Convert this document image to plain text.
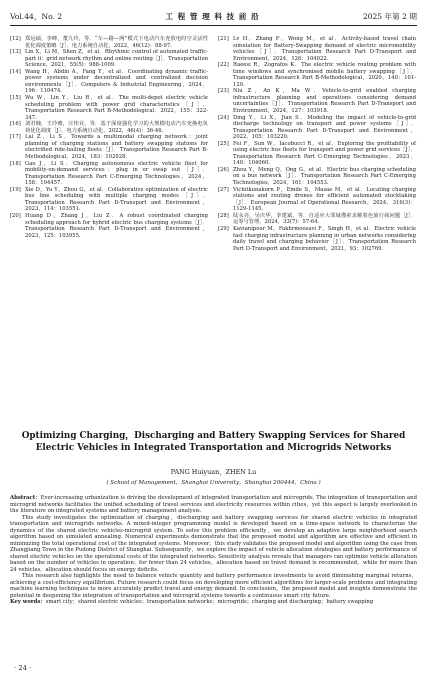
Vol.44，No. 2	工 程 管 理 科 技 前 沿	2025 年第 2 期
[12] 郑远硕，李峰，董九玲，等．“车—路—网”模式下电动汽车充放电时空灵活性优化调度策略［J］．电力系统自动化，2022，46(12)：88-97.
[13] Lin X，Li M，Shen Z，et al．Rhythmic control of automated traffic-part ii：grid network rhythm and online routing［J］．Transportation Science，2021，55(5)：988-1009.
[14] Wang H，Abdin A，Fang Y，et al．Coordinating dynamic traffic-power systems under decentralized and centralized decision environments［J］．Computers & Industrial Engineering，2024，196：110474.
[15] Wu W，Lin Y，Liu R，et al．The multi-depot electric vehicle scheduling problem with power grid characteristics［J］．Transportation Research Part B-Methodological．2022，155：322-347.
[16] 刘君楠，王玲雅，庄伟业，等．基于深度强化学习的大规模电动汽车充换电负荷优化调度［J］．电力系统自动化，2022，46(4)：36-46.
[17] Lai Z，Li S．Towards a multimodal charging network：joint planning of charging stations and battery swapping stations for electrified ride-hailing fleets［J］．Transportation Research Part B-Methodological，2024，183：102928.
[18] Gao J，Li S．Charging autonomous electric vehicle fleet for mobility-on-demand services：plug in or swap out［J］．Transportation Research Part C-Emerging Technologies，2024，158：104457.
[19] Xie D，Yu Y，Zhou G，et al．Collaborative optimization of electric bus line scheduling with multiple charging modes［J］．Transportation Research Part D-Transport and Environment，2023，114：103551.
[20] Huang D，Zhang J，Liu Z．A robust coordinated charging scheduling approach for hybrid electric bus charging systems［J］．Transportation Research Part D-Transport and Environment，2023，125：103955.
[21] Lv H，Zhang F，Wong M，et al．Activity-based travel chain simulation for Battery-Swapping demand of electric micromobility vehicles［J］．Transportation Research Part D-Transport and Environment，2024，126：104022.
[22] Raeesi R，Zografos K．The electric vehicle routing problem with time windows and synchronised mobile battery swapping［J］．Transportation Research Part B-Methodological，2020，140：101-129.
[23] Niu Z，An K，Ma W．Vehicle-to-grid enabled charging infrastructure planning and operations considering demand uncertainties［J］．Transportation Research Part D-Transport and Environment，2024，127：103918.
[24] Ding Y，Li X，Jian S．Modeling the impact of vehicle-to-grid discharge technology on transport and power systems［J］．Transportation Research Part D-Transport and Environment，2022，105：103220.
[25] Fei F，Sun W，Iacobucci R，et al．Exploring the profitability of using electric bus fleets for transport and power grid services［J］．Transportation Research Part C-Emerging Technologies，2023，149：104060.
[26] Zhou Y，Meng Q，Ong G，et al．Electric bus charging scheduling on a bus network［J］．Transportation Research Part C-Emerging Technologies，2024，161：104553.
[27] Vichitkunakorn P，Emde S，Masae M，et al．Locating charging stations and routing drones for efficient automated stocktaking［J］．European Journal of Operational Research，2024，316(3)：1129-1145.
[28] 陆永亮，吴庆华，李建斌，等．自适应大邻域搜索求解着色旅行商问题［J］．运筹与管理，2024，33(7)：57-64.
[29] Kavianipour M，Fakhrmoosavi F，Singh H，et al．Electric vehicle fast charging infrastructure planning in urban networks considering daily travel and charging behavior［J］．Transportation Research Part D-Transport and Environment，2021，93：102769.
Optimizing Charging，Discharging and Battery Swapping Services for Shared
Electric Vehicles in Integrated Transportation and Microgrids Networks
PANG Huiyuan，ZHEN Lu
( School of Management，Shanghai University，Shanghai 200444，China )

Abstract：Ever-increasing urbanization is driving the development of integrated transportation and microgrids. The integration of transportation and microgrid networks facilitates the unified scheduling of travel services and electricity resources within cities，yet this aspect is largely overlooked in the literature on integrated systems and battery management analysis.

This study investigates the optimization of charging，discharging and battery swapping services for shared electric vehicles in integrated transportation and microgrids networks. A mixed-integer programming model is developed based on a time-space network to characterize the dynamics of the shared electric vehicles-microgrid system. To solve this problem efficiently，we develop an adaptive large neighborhood search algorithm based on simulated annealing. Numerical experiments demonstrate that the proposed model and algorithm are effective and efficient in minimizing the total operational cost of the integrated systems. Moreover，this study validates the proposed model and algorithm using the case from Zhangjiang Town in the Pudong District of Shanghai. Subsequently，we explore the impact of vehicle allocation strategies and battery performance of shared electric vehicles on the operational costs of the integrated networks. Sensitivity analysis reveals that managers can optimize vehicle allocation based on the number of vehicles in operation；for fewer than 24 vehicles，allocation based on travel demand is recommended，while for more than 24 vehicles，allocation should focus on energy deficits.

This research also highlights the need to balance vehicle quantity and battery performance investments to avoid diminishing marginal returns，achieving a cost-efficiency equilibrium. Future research could focus on developing more efficient algorithms for larger-scale problems and integrating machine learning techniques to more accurately predict travel and energy demand. In conclusion，the proposed model and insights demonstrate the potential in deepening the integration of transportation and microgrid systems towards a continuous smart city future.

Key words：smart city；shared electric vehicles；transportation networks；microgrids；charging and discharging；battery swapping

· 24 ·
